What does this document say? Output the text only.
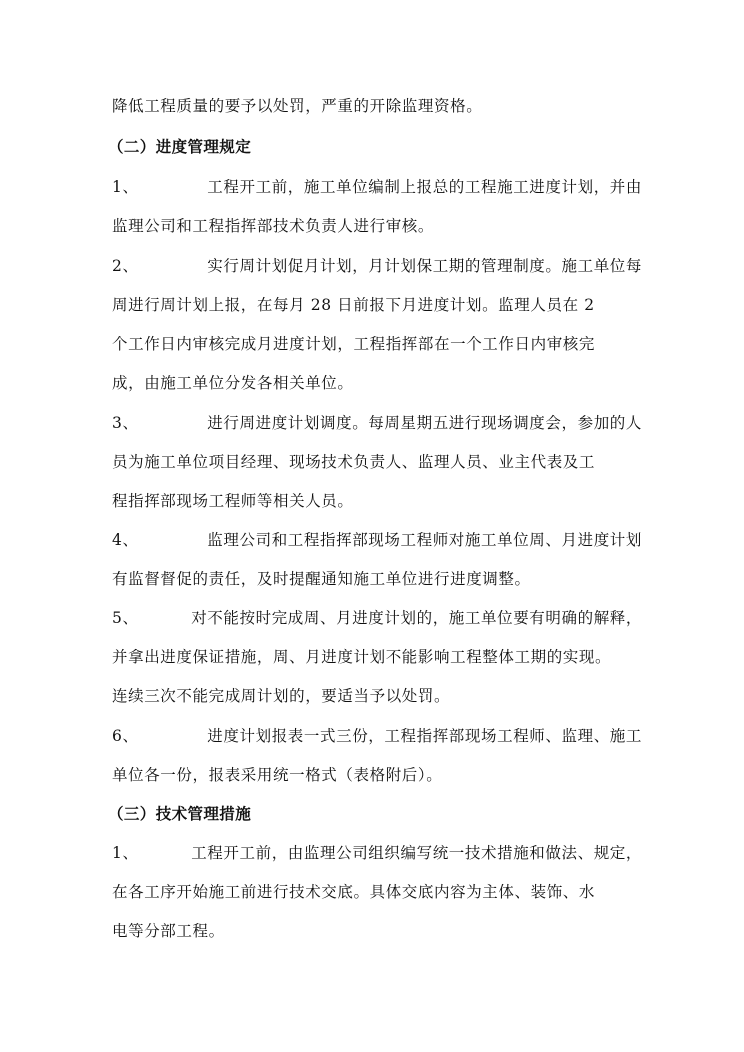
降低工程质量的要予以处罚，严重的开除监理资格。
（二）进度管理规定
1、	工程开工前，施工单位编制上报总的工程施工进度计划，并由
监理公司和工程指挥部技术负责人进行审核。
2、	实行周计划促月计划，月计划保工期的管理制度。施工单位每
周进行周计划上报，在每月 28 日前报下月进度计划。监理人员在 2
个工作日内审核完成月进度计划，工程指挥部在一个工作日内审核完
成，由施工单位分发各相关单位。
3、	进行周进度计划调度。每周星期五进行现场调度会，参加的人
员为施工单位项目经理、现场技术负责人、监理人员、业主代表及工
程指挥部现场工程师等相关人员。
4、	监理公司和工程指挥部现场工程师对施工单位周、月进度计划
有监督督促的责任，及时提醒通知施工单位进行进度调整。
5、	对不能按时完成周、月进度计划的，施工单位要有明确的解释，
并拿出进度保证措施，周、月进度计划不能影响工程整体工期的实现。
连续三次不能完成周计划的，要适当予以处罚。
6、	进度计划报表一式三份，工程指挥部现场工程师、监理、施工
单位各一份，报表采用统一格式（表格附后）。
（三）技术管理措施
1、	工程开工前，由监理公司组织编写统一技术措施和做法、规定，
在各工序开始施工前进行技术交底。具体交底内容为主体、装饰、水
电等分部工程。
